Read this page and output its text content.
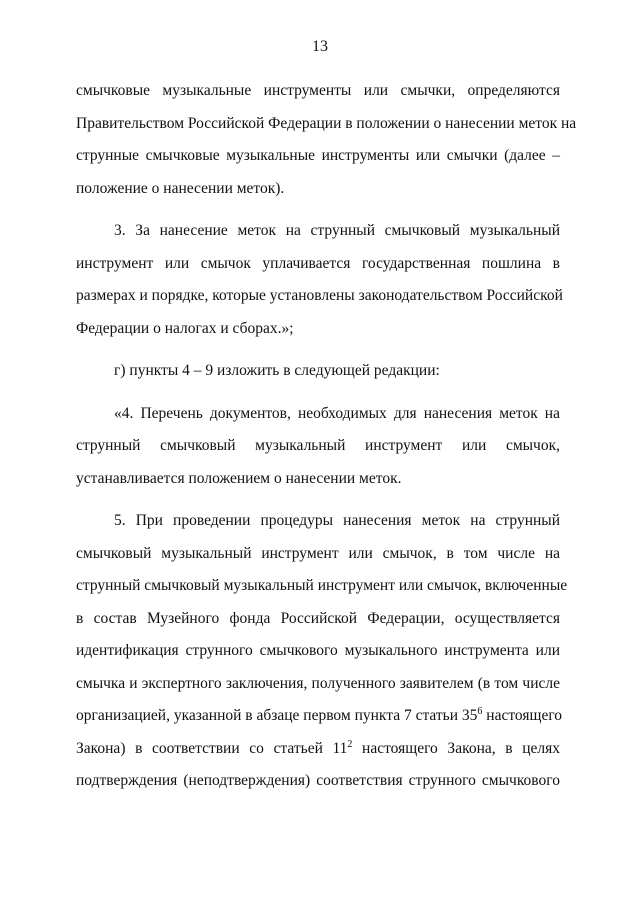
13
смычковые музыкальные инструменты или смычки, определяются
Правительством Российской Федерации в положении о нанесении меток на
струнные смычковые музыкальные инструменты или смычки (далее –
положение о нанесении меток).
3. За нанесение меток на струнный смычковый музыкальный
инструмент или смычок уплачивается государственная пошлина в
размерах и порядке, которые установлены законодательством Российской
Федерации о налогах и сборах.»;
г) пункты 4 – 9 изложить в следующей редакции:
«4. Перечень документов, необходимых для нанесения меток на
струнный смычковый музыкальный инструмент или смычок,
устанавливается положением о нанесении меток.
5. При проведении процедуры нанесения меток на струнный
смычковый музыкальный инструмент или смычок, в том числе на
струнный смычковый музыкальный инструмент или смычок, включенные
в состав Музейного фонда Российской Федерации, осуществляется
идентификация струнного смычкового музыкального инструмента или
смычка и экспертного заключения, полученного заявителем (в том числе
организацией, указанной в абзаце первом пункта 7 статьи $35^6$ настоящего
Закона) в соответствии со статьей $11^2$ настоящего Закона, в целях
подтверждения (неподтверждения) соответствия струнного смычкового
